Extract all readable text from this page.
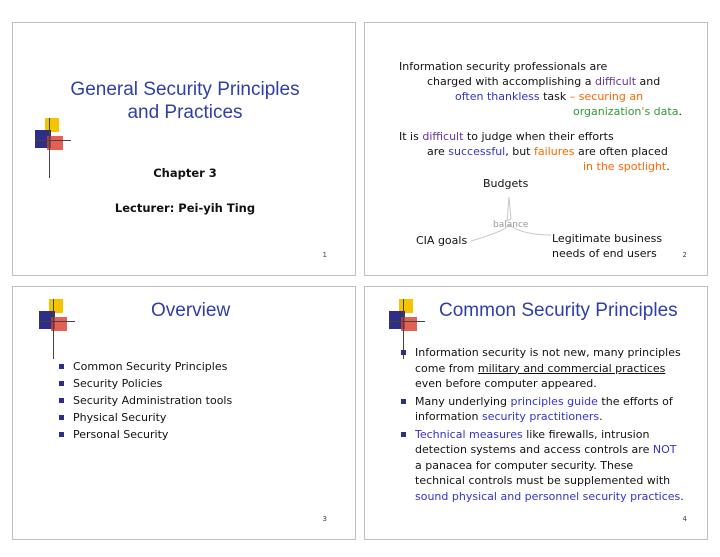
General Security Principles
and Practices
Chapter 3
Lecturer: Pei-yih Ting
1
Information security professionals are
charged with accomplishing a difficult and
often thankless task – securing an
organization's data.
It is difficult to judge when their efforts
are successful, but failures are often placed
in the spotlight.
Budgets
balance
CIA goals	Legitimate business
needs of end users	2
Overview
Common Security Principles
Security Policies
Security Administration tools
Physical Security
Personal Security
3
Common Security Principles
Information security is not new, many principles
come from military and commercial practices
even before computer appeared.
Many underlying principles guide the efforts of
information security practitioners.
Technical measures like firewalls, intrusion
detection systems and access controls are NOT
a panacea for computer security. These
technical controls must be supplemented with
sound physical and personnel security practices.
4
